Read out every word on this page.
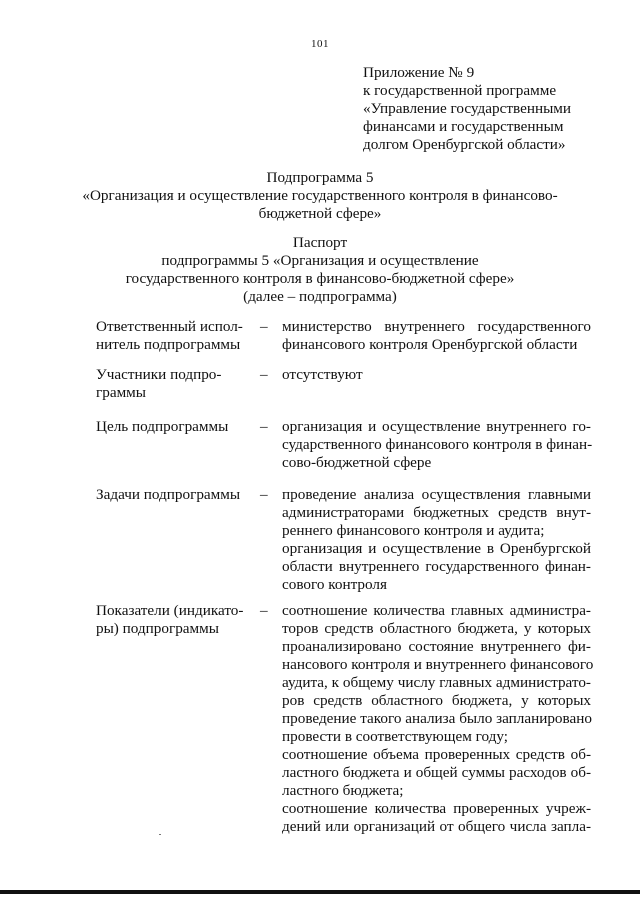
101
Приложение № 9
к государственной программе
«Управление государственными
финансами и государственным
долгом Оренбургской области»
Подпрограмма 5
«Организация и осуществление государственного контроля в финансово-
бюджетной сфере»
Паспорт
подпрограммы 5 «Организация и осуществление
государственного контроля в финансово-бюджетной сфере»
(далее – подпрограмма)
Ответственный испол-
нитель подпрограммы
– министерство внутреннего государственного
финансового контроля Оренбургской области
Участники подпро-
граммы
– отсутствуют
Цель подпрограммы	– организация и осуществление внутреннего го-
сударственного финансового контроля в финан-
сово-бюджетной сфере
Задачи подпрограммы	– проведение анализа осуществления главными
администраторами бюджетных средств внут-
реннего финансового контроля и аудита;
организация и осуществление в Оренбургской
области внутреннего государственного финан-
сового контроля
Показатели (индикато-
ры) подпрограммы
– соотношение количества главных администра-
торов средств областного бюджета, у которых
проанализировано состояние внутреннего фи-
нансового контроля и внутреннего финансового
аудита, к общему числу главных администрато-
ров средств областного бюджета, у которых
проведение такого анализа было запланировано
провести в соответствующем году;
соотношение объема проверенных средств об-
ластного бюджета и общей суммы расходов об-
ластного бюджета;
соотношение количества проверенных учреж-
дений или организаций от общего числа запла-
